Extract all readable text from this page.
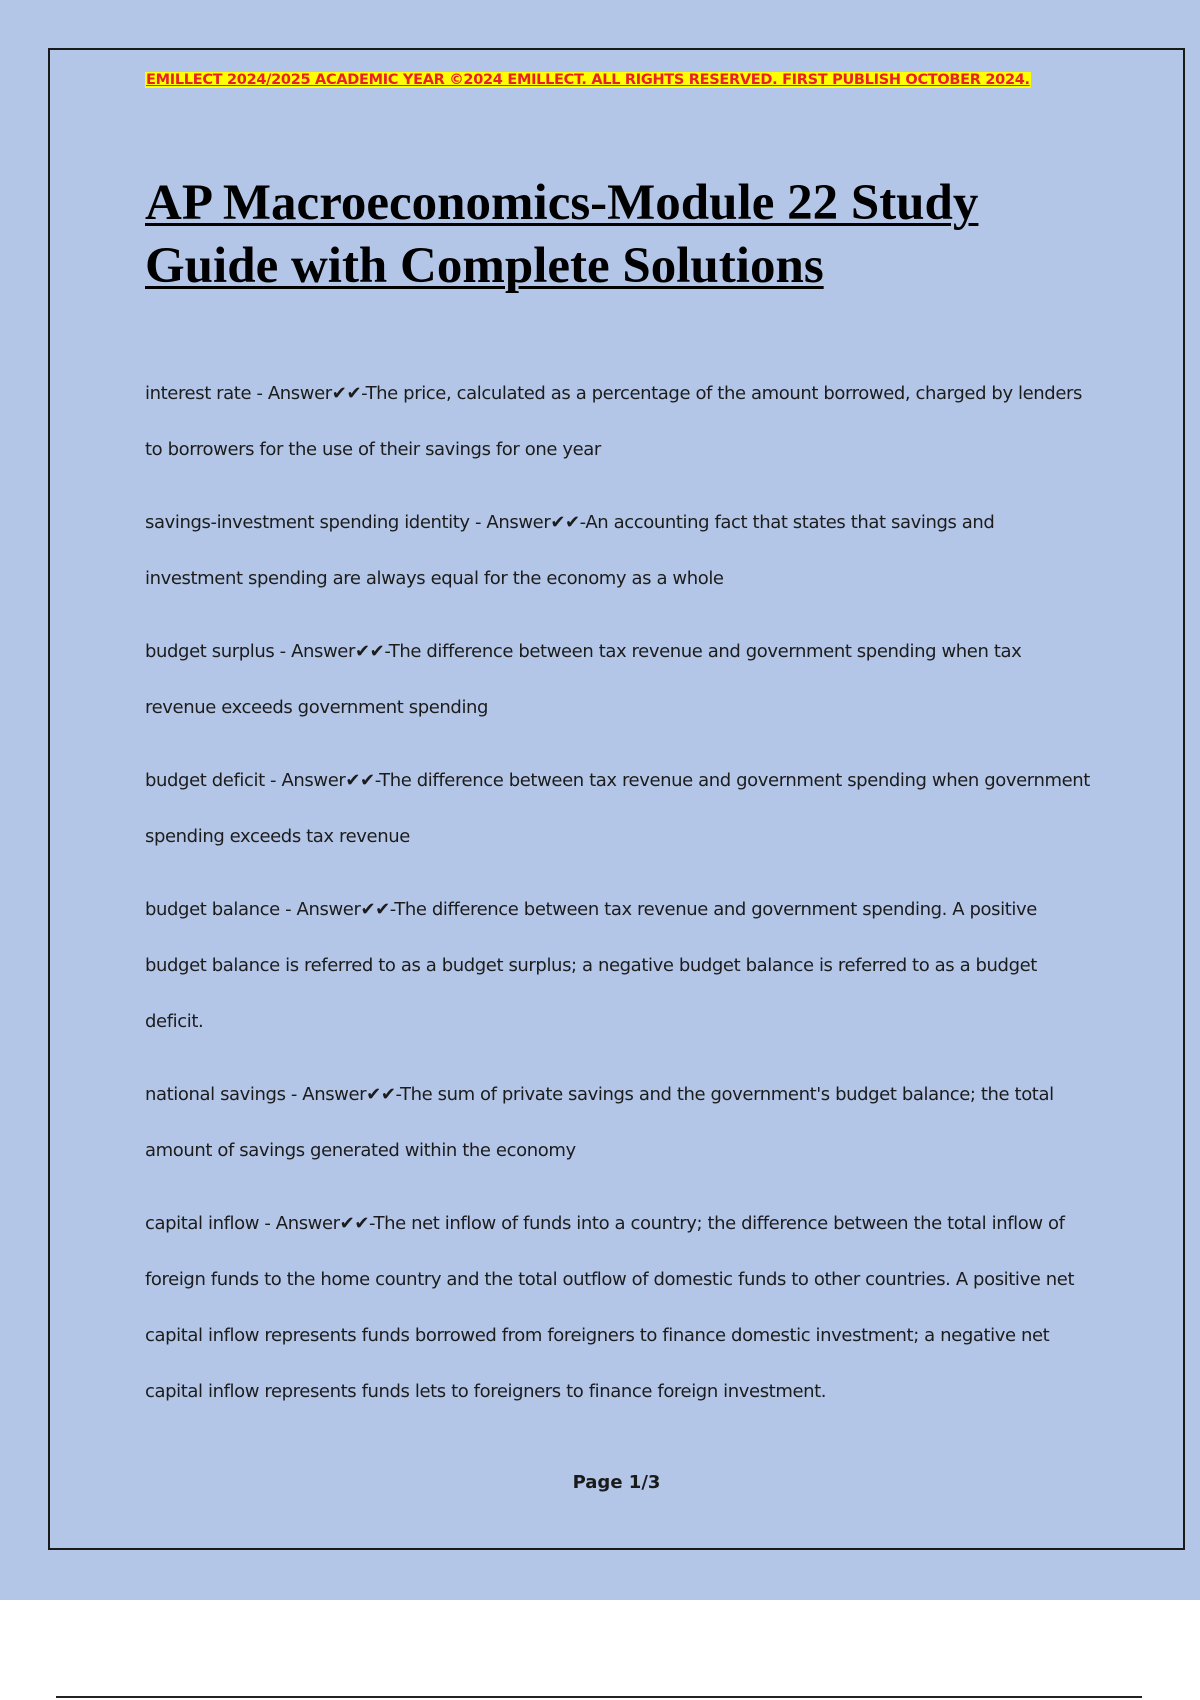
EMILLECT 2024/2025 ACADEMIC YEAR ©2024 EMILLECT. ALL RIGHTS RESERVED. FIRST PUBLISH OCTOBER 2024.
AP Macroeconomics-Module 22 Study Guide with Complete Solutions

interest rate - Answer✔✔-The price, calculated as a percentage of the amount borrowed, charged by lenders to borrowers for the use of their savings for one year

savings-investment spending identity - Answer✔✔-An accounting fact that states that savings and investment spending are always equal for the economy as a whole

budget surplus - Answer✔✔-The difference between tax revenue and government spending when tax revenue exceeds government spending

budget deficit - Answer✔✔-The difference between tax revenue and government spending when government spending exceeds tax revenue

budget balance - Answer✔✔-The difference between tax revenue and government spending. A positive budget balance is referred to as a budget surplus; a negative budget balance is referred to as a budget deficit.

national savings - Answer✔✔-The sum of private savings and the government's budget balance; the total amount of savings generated within the economy

capital inflow - Answer✔✔-The net inflow of funds into a country; the difference between the total inflow of foreign funds to the home country and the total outflow of domestic funds to other countries. A positive net capital inflow represents funds borrowed from foreigners to finance domestic investment; a negative net capital inflow represents funds lets to foreigners to finance foreign investment.

Page 1/3
